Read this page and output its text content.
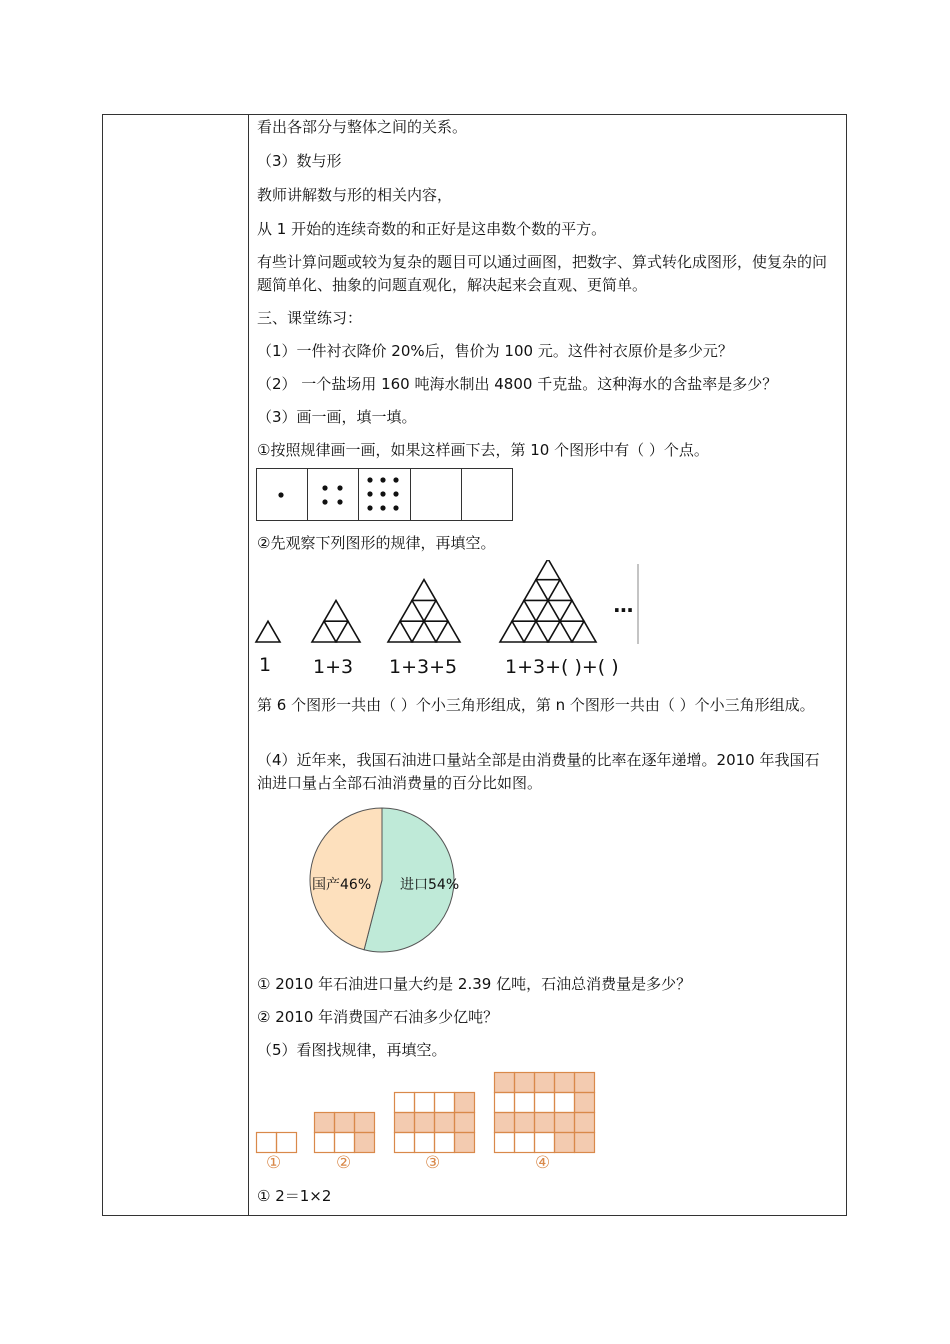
看出各部分与整体之间的关系。

（3）数与形

教师讲解数与形的相关内容，

从 1 开始的连续奇数的和正好是这串数个数的平方。

有些计算问题或较为复杂的题目可以通过画图，把数字、算式转化成图形，使复杂的问题简单化、抽象的问题直观化，解决起来会直观、更简单。

三、课堂练习：

（1）一件衬衣降价 20%后，售价为 100 元。这件衬衣原价是多少元？

（2） 一个盐场用 160 吨海水制出 4800 千克盐。这种海水的含盐率是多少？

（3）画一画，填一填。

①按照规律画一画，如果这样画下去，第 10 个图形中有（ ）个点。

②先观察下列图形的规律，再填空。

1 1+3 1+3+5	1+3+( )+( )
···

第 6 个图形一共由（ ）个小三角形组成，第 n 个图形一共由（ ）个小三角形组成。

（4）近年来，我国石油进口量站全部是由消费量的比率在逐年递增。2010 年我国石油进口量占全部石油消费量的百分比如图。

国产46% 进口54%

① 2010 年石油进口量大约是 2.39 亿吨，石油总消费量是多少？

② 2010 年消费国产石油多少亿吨？

（5）看图找规律，再填空。

①	②	③	④

① 2＝1×2
